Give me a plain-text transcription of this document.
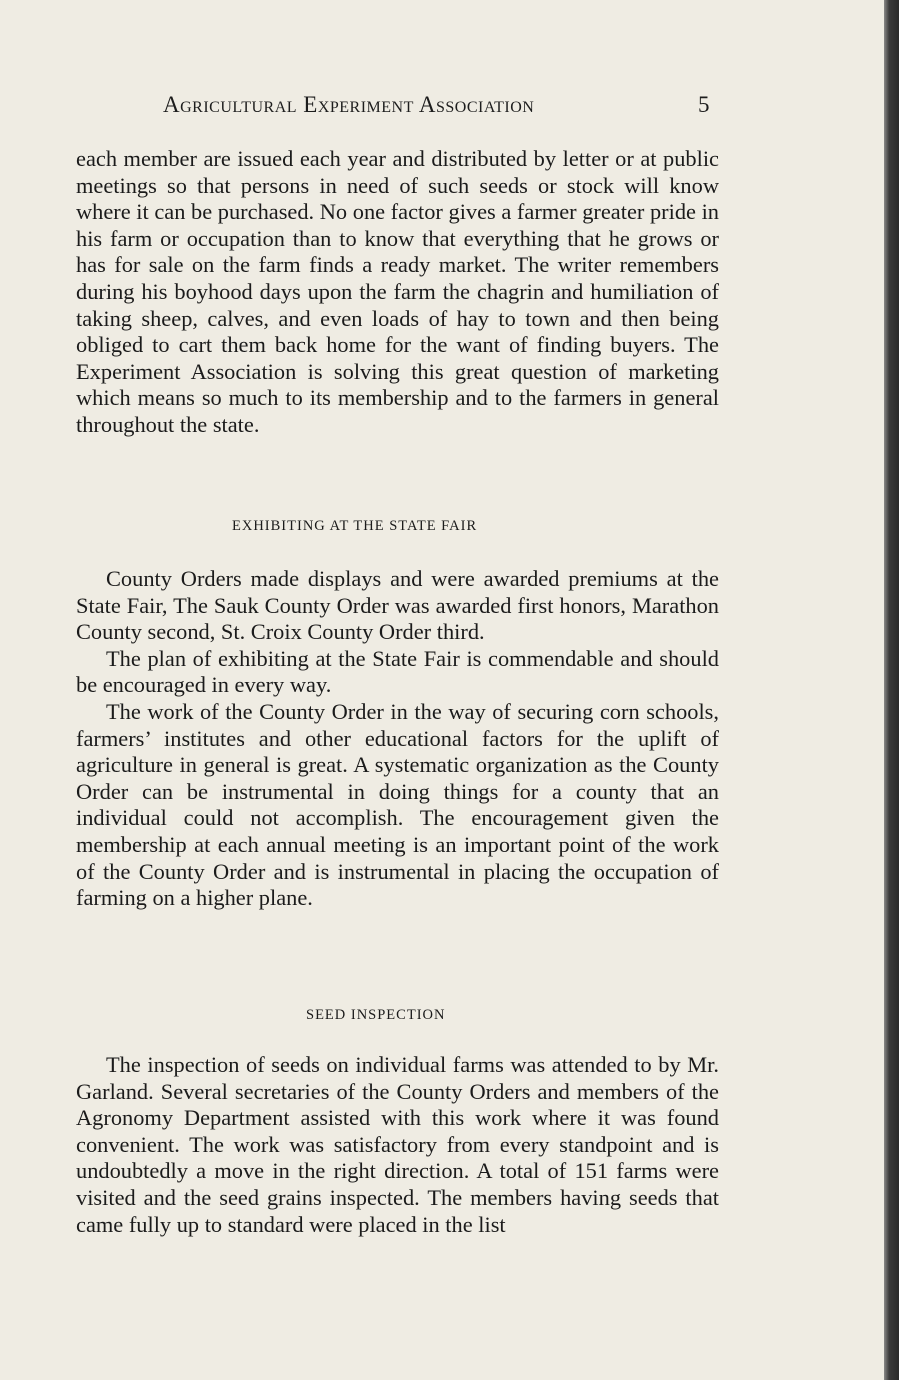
Agricultural Experiment Association	5

each member are issued each year and distributed by letter or at public meetings so that persons in need of such seeds or stock will know where it can be purchased. No one factor gives a farmer greater pride in his farm or occupation than to know that everything that he grows or has for sale on the farm finds a ready market. The writer remembers during his boyhood days upon the farm the chagrin and humiliation of taking sheep, calves, and even loads of hay to town and then being obliged to cart them back home for the want of finding buyers. The Experiment Association is solving this great question of marketing which means so much to its membership and to the farmers in general throughout the state.

EXHIBITING AT THE STATE FAIR

County Orders made displays and were awarded premiums at the State Fair, The Sauk County Order was awarded first honors, Marathon County second, St. Croix County Order third.

The plan of exhibiting at the State Fair is commendable and should be encouraged in every way.

The work of the County Order in the way of securing corn schools, farmers’ institutes and other educational factors for the uplift of agriculture in general is great. A systematic organization as the County Order can be instrumental in doing things for a county that an individual could not accomplish. The encouragement given the membership at each annual meeting is an important point of the work of the County Order and is instrumental in placing the occupation of farming on a higher plane.

SEED INSPECTION

The inspection of seeds on individual farms was attended to by Mr. Garland. Several secretaries of the County Orders and members of the Agronomy Department assisted with this work where it was found convenient. The work was satisfactory from every standpoint and is undoubtedly a move in the right direction. A total of 151 farms were visited and the seed grains inspected. The members having seeds that came fully up to standard were placed in the list
